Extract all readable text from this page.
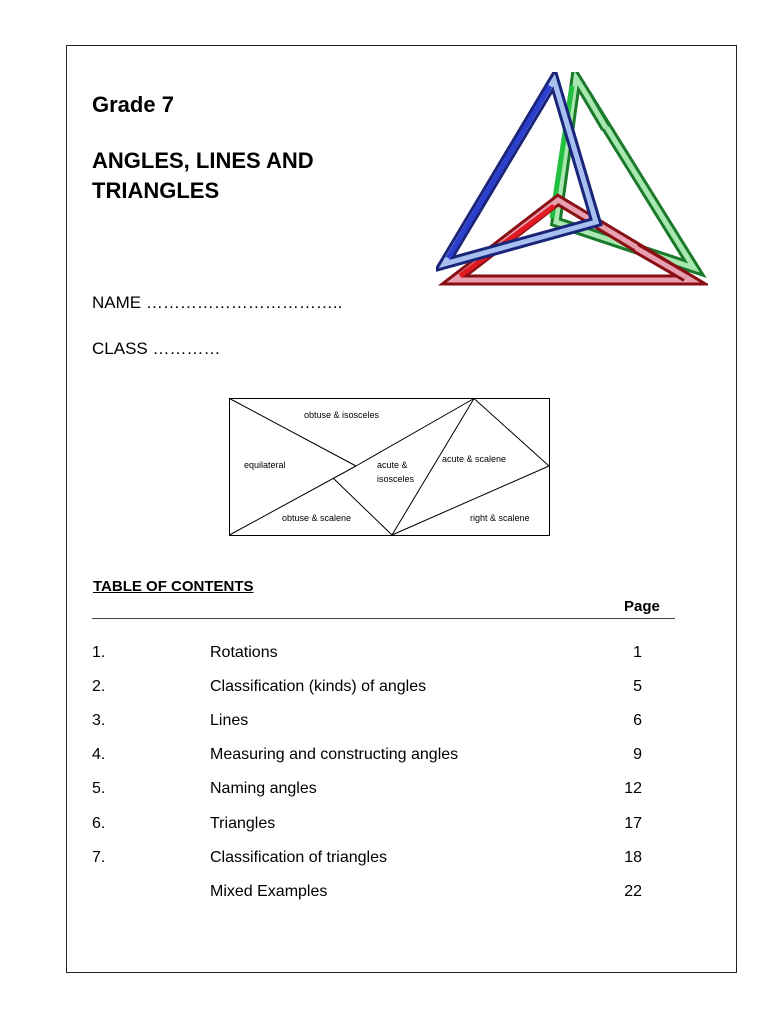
Grade 7
ANGLES, LINES AND
TRIANGLES
NAME ……………………………..
CLASS …………
obtuse & isosceles
equilateral	acute &
isosceles
acute & scalene
obtuse & scalene	right & scalene
TABLE OF CONTENTS
Page
1.	Rotations	1
2.	Classification (kinds) of angles	5
3.	Lines	6
4.	Measuring and constructing angles	9
5.	Naming angles	12
6.	Triangles	17
7.	Classification of triangles	18
Mixed Examples	22
